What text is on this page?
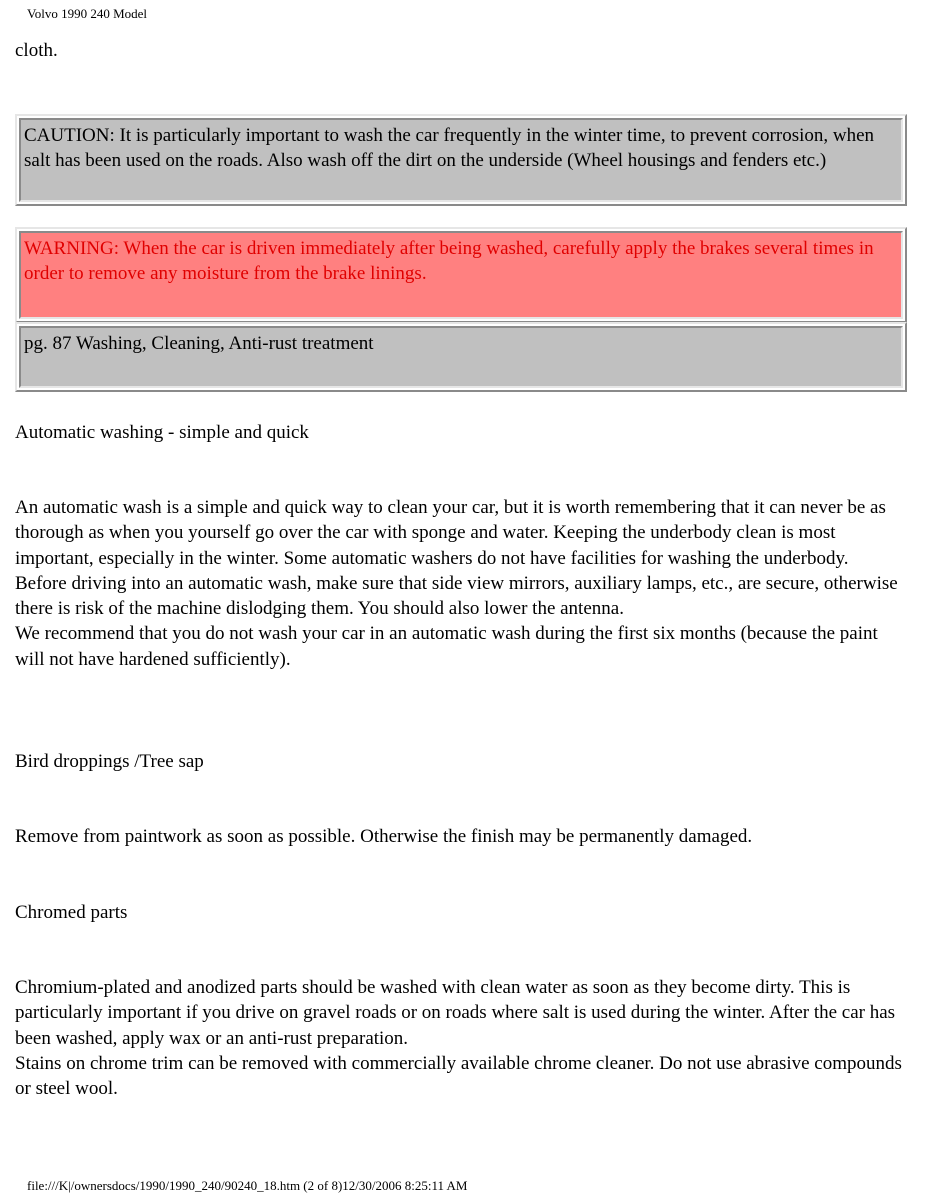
Volvo 1990 240 Model
cloth.
CAUTION: It is particularly important to wash the car frequently in the winter time, to prevent corrosion, when salt has been used on the roads. Also wash off the dirt on the underside (Wheel housings and fenders etc.)
WARNING: When the car is driven immediately after being washed, carefully apply the brakes several times in order to remove any moisture from the brake linings.
pg. 87 Washing, Cleaning, Anti-rust treatment
Automatic washing - simple and quick
An automatic wash is a simple and quick way to clean your car, but it is worth remembering that it can never be as thorough as when you yourself go over the car with sponge and water. Keeping the underbody clean is most important, especially in the winter. Some automatic washers do not have facilities for washing the underbody.
Before driving into an automatic wash, make sure that side view mirrors, auxiliary lamps, etc., are secure, otherwise there is risk of the machine dislodging them. You should also lower the antenna.
We recommend that you do not wash your car in an automatic wash during the first six months (because the paint will not have hardened sufficiently).
Bird droppings /Tree sap
Remove from paintwork as soon as possible. Otherwise the finish may be permanently damaged.
Chromed parts
Chromium-plated and anodized parts should be washed with clean water as soon as they become dirty. This is particularly important if you drive on gravel roads or on roads where salt is used during the winter. After the car has been washed, apply wax or an anti-rust preparation.
Stains on chrome trim can be removed with commercially available chrome cleaner. Do not use abrasive compounds or steel wool.
file:///K|/ownersdocs/1990/1990_240/90240_18.htm (2 of 8)12/30/2006 8:25:11 AM
